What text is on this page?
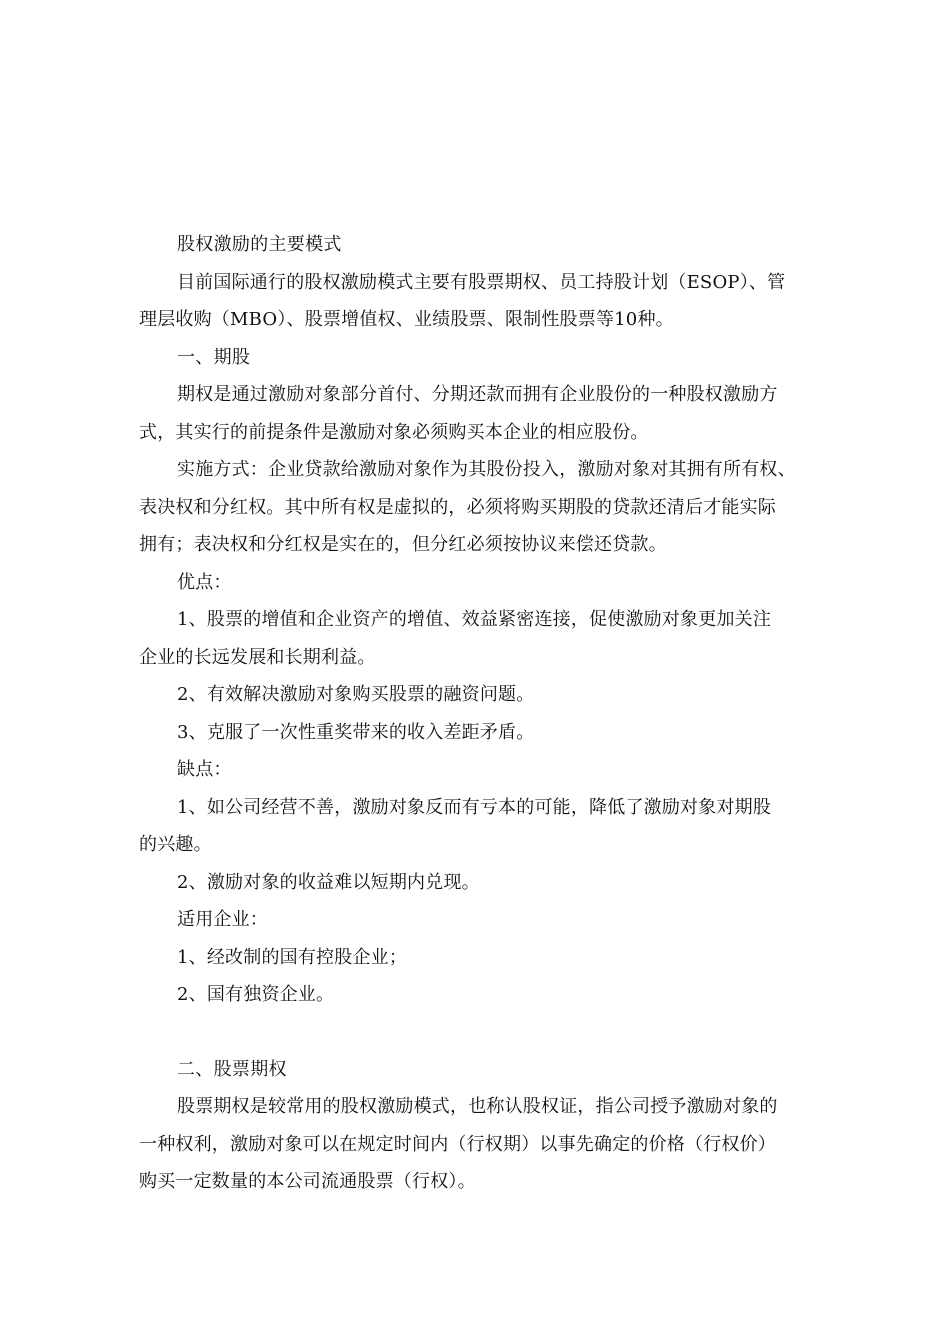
股权激励的主要模式

目前国际通行的股权激励模式主要有股票期权、员工持股计划（ESOP）、管
理层收购（MBO）、股票增值权、业绩股票、限制性股票等10种。

一、期股

期权是通过激励对象部分首付、分期还款而拥有企业股份的一种股权激励方
式，其实行的前提条件是激励对象必须购买本企业的相应股份。

实施方式：企业贷款给激励对象作为其股份投入，激励对象对其拥有所有权、
表决权和分红权。其中所有权是虚拟的，必须将购买期股的贷款还清后才能实际
拥有；表决权和分红权是实在的，但分红必须按协议来偿还贷款。

优点：

1、股票的增值和企业资产的增值、效益紧密连接，促使激励对象更加关注
企业的长远发展和长期利益。

2、有效解决激励对象购买股票的融资问题。

3、克服了一次性重奖带来的收入差距矛盾。

缺点：

1、如公司经营不善，激励对象反而有亏本的可能，降低了激励对象对期股
的兴趣。

2、激励对象的收益难以短期内兑现。

适用企业：

1、经改制的国有控股企业；

2、国有独资企业。

二、股票期权

股票期权是较常用的股权激励模式，也称认股权证，指公司授予激励对象的
一种权利，激励对象可以在规定时间内（行权期）以事先确定的价格（行权价）
购买一定数量的本公司流通股票（行权）。
